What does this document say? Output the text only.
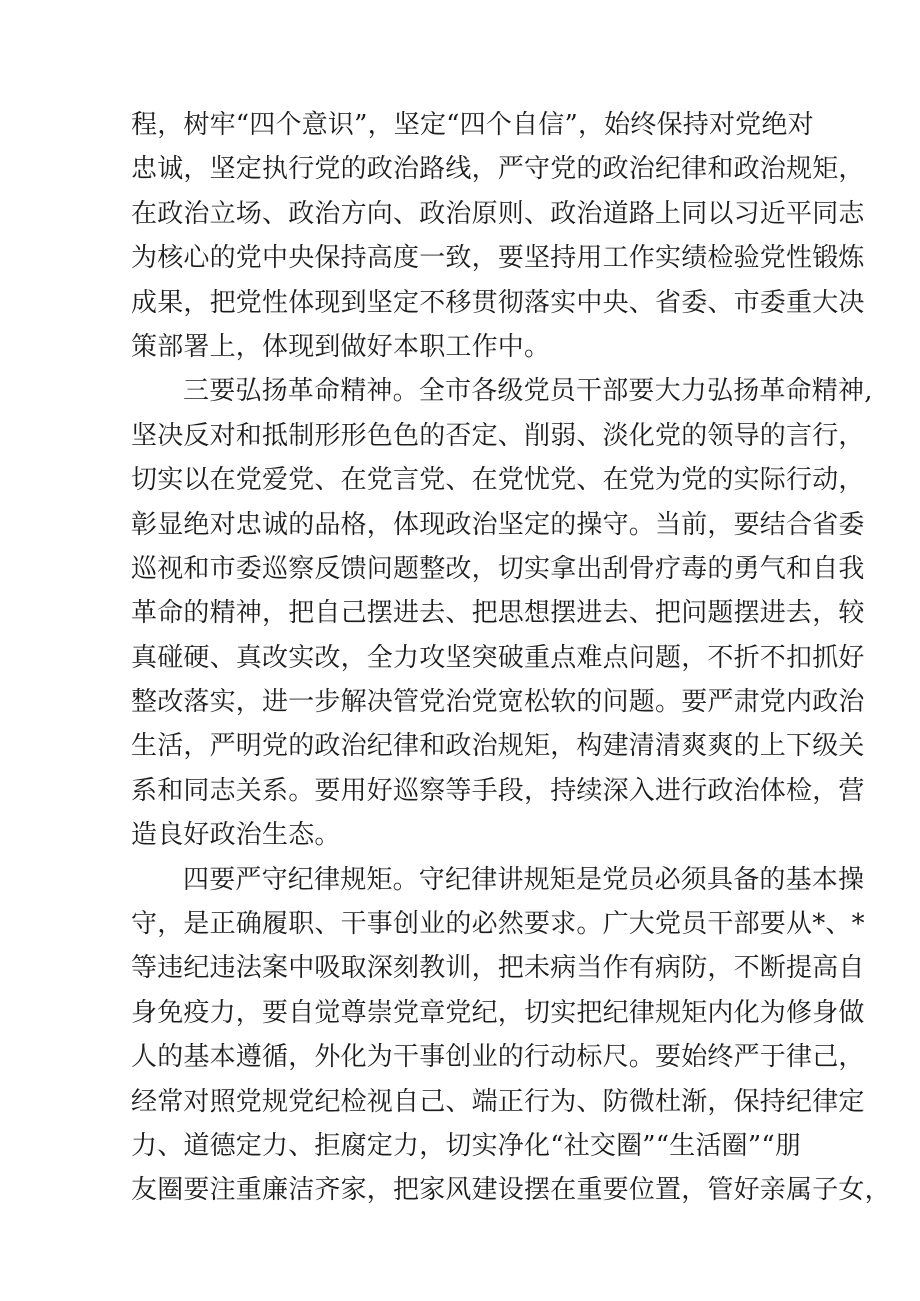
程，树牢“四个意识”，坚定“四个自信”，始终保持对党绝对
忠诚，坚定执行党的政治路线，严守党的政治纪律和政治规矩，
在政治立场、政治方向、政治原则、政治道路上同以习近平同志
为核心的党中央保持高度一致，要坚持用工作实绩检验党性锻炼
成果，把党性体现到坚定不移贯彻落实中央、省委、市委重大决
策部署上，体现到做好本职工作中。
三要弘扬革命精神。全市各级党员干部要大力弘扬革命精神,
坚决反对和抵制形形色色的否定、削弱、淡化党的领导的言行，
切实以在党爱党、在党言党、在党忧党、在党为党的实际行动，
彰显绝对忠诚的品格，体现政治坚定的操守。当前，要结合省委
巡视和市委巡察反馈问题整改，切实拿出刮骨疗毒的勇气和自我
革命的精神，把自己摆进去、把思想摆进去、把问题摆进去，较
真碰硬、真改实改，全力攻坚突破重点难点问题，不折不扣抓好
整改落实，进一步解决管党治党宽松软的问题。要严肃党内政治
生活，严明党的政治纪律和政治规矩，构建清清爽爽的上下级关
系和同志关系。要用好巡察等手段，持续深入进行政治体检，营
造良好政治生态。
四要严守纪律规矩。守纪律讲规矩是党员必须具备的基本操
守，是正确履职、干事创业的必然要求。广大党员干部要从*、*
等违纪违法案中吸取深刻教训，把未病当作有病防，不断提高自
身免疫力，要自觉尊崇党章党纪，切实把纪律规矩内化为修身做
人的基本遵循，外化为干事创业的行动标尺。要始终严于律己，
经常对照党规党纪检视自己、端正行为、防微杜渐，保持纪律定
力、道德定力、拒腐定力，切实净化“社交圈”“生活圈”“朋
友圈要注重廉洁齐家，把家风建设摆在重要位置，管好亲属子女，
